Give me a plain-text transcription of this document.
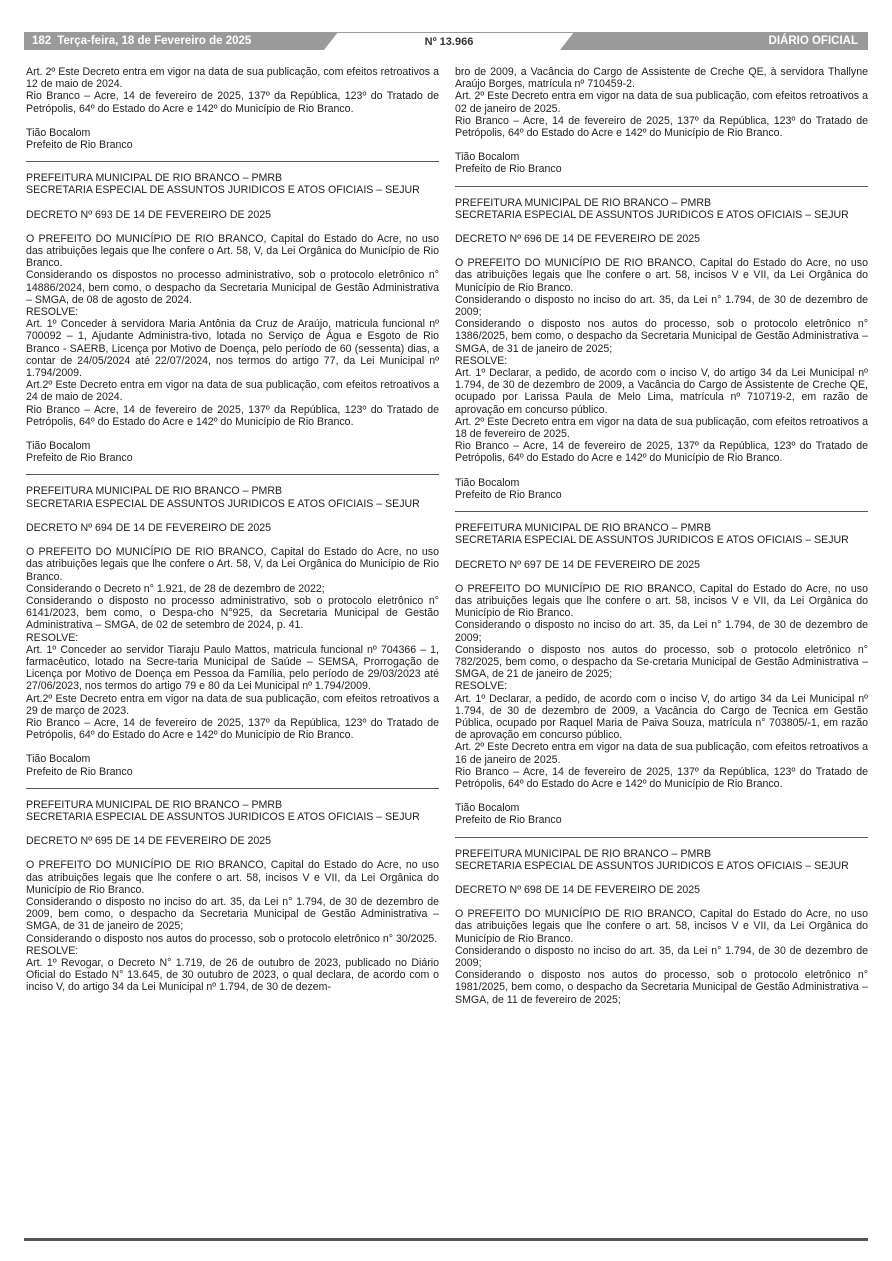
182 Terça-feira, 18 de Fevereiro de 2025	Nº 13.966	DIÁRIO OFICIAL

Art. 2º Este Decreto entra em vigor na data de sua publicação, com efeitos retroativos a 12 de maio de 2024.

Rio Branco – Acre, 14 de fevereiro de 2025, 137º da República, 123º do Tratado de Petrópolis, 64º do Estado do Acre e 142º do Município de Rio Branco.

Tião Bocalom

Prefeito de Rio Branco

PREFEITURA MUNICIPAL DE RIO BRANCO – PMRB

SECRETARIA ESPECIAL DE ASSUNTOS JURIDICOS E ATOS OFICIAIS – SEJUR

DECRETO Nº 693 DE 14 DE FEVEREIRO DE 2025

O PREFEITO DO MUNICÍPIO DE RIO BRANCO, Capital do Estado do Acre, no uso das atribuições legais que lhe confere o Art. 58, V, da Lei Orgânica do Município de Rio Branco.

Considerando os dispostos no processo administrativo, sob o protocolo eletrônico n° 14886/2024, bem como, o despacho da Secretaria Municipal de Gestão Administrativa – SMGA, de 08 de agosto de 2024.

RESOLVE:

Art. 1º Conceder à servidora Maria Antônia da Cruz de Araújo, matricula funcional nº 700092 – 1, Ajudante Administra-tivo, lotada no Serviço de Água e Esgoto de Rio Branco - SAERB, Licença por Motivo de Doença, pelo período de 60 (sessenta) dias, a contar de 24/05/2024 até 22/07/2024, nos termos do artigo 77, da Lei Municipal nº 1.794/2009.

Art.2º Este Decreto entra em vigor na data de sua publicação, com efeitos retroativos a 24 de maio de 2024.

Rio Branco – Acre, 14 de fevereiro de 2025, 137º da República, 123º do Tratado de Petrópolis, 64º do Estado do Acre e 142º do Município de Rio Branco.

Tião Bocalom

Prefeito de Rio Branco

PREFEITURA MUNICIPAL DE RIO BRANCO – PMRB

SECRETARIA ESPECIAL DE ASSUNTOS JURIDICOS E ATOS OFICIAIS – SEJUR

DECRETO Nº 694 DE 14 DE FEVEREIRO DE 2025

O PREFEITO DO MUNICÍPIO DE RIO BRANCO, Capital do Estado do Acre, no uso das atribuições legais que lhe confere o Art. 58, V, da Lei Orgânica do Município de Rio Branco.

Considerando o Decreto n° 1.921, de 28 de dezembro de 2022;

Considerando o disposto no processo administrativo, sob o protocolo eletrônico n° 6141/2023, bem como, o Despa-cho N°925, da Secretaria Municipal de Gestão Administrativa – SMGA, de 02 de setembro de 2024, p. 41.

RESOLVE:

Art. 1º Conceder ao servidor Tiaraju Paulo Mattos, matricula funcional nº 704366 – 1, farmacêutico, lotado na Secre-taria Municipal de Saúde – SEMSA, Prorrogação de Licença por Motivo de Doença em Pessoa da Família, pelo período de 29/03/2023 até 27/06/2023, nos termos do artigo 79 e 80 da Lei Municipal nº 1.794/2009.

Art.2º Este Decreto entra em vigor na data de sua publicação, com efeitos retroativos a 29 de março de 2023.

Rio Branco – Acre, 14 de fevereiro de 2025, 137º da República, 123º do Tratado de Petrópolis, 64º do Estado do Acre e 142º do Município de Rio Branco.

Tião Bocalom

Prefeito de Rio Branco

PREFEITURA MUNICIPAL DE RIO BRANCO – PMRB

SECRETARIA ESPECIAL DE ASSUNTOS JURIDICOS E ATOS OFICIAIS – SEJUR

DECRETO Nº 695 DE 14 DE FEVEREIRO DE 2025

O PREFEITO DO MUNICÍPIO DE RIO BRANCO, Capital do Estado do Acre, no uso das atribuições legais que lhe confere o art. 58, incisos V e VII, da Lei Orgânica do Município de Rio Branco.

Considerando o disposto no inciso do art. 35, da Lei n° 1.794, de 30 de dezembro de 2009, bem como, o despacho da Secretaria Municipal de Gestão Administrativa – SMGA, de 31 de janeiro de 2025;

Considerando o disposto nos autos do processo, sob o protocolo eletrônico n° 30/2025.

RESOLVE:

Art. 1º Revogar, o Decreto N° 1.719, de 26 de outubro de 2023, publicado no Diário Oficial do Estado N° 13.645, de 30 outubro de 2023, o qual declara, de acordo com o inciso V, do artigo 34 da Lei Municipal nº 1.794, de 30 de dezem-

bro de 2009, a Vacância do Cargo de Assistente de Creche QE, à servidora Thallyne Araújo Borges, matrícula nº 710459-2.

Art. 2º Este Decreto entra em vigor na data de sua publicação, com efeitos retroativos a 02 de janeiro de 2025.

Rio Branco – Acre, 14 de fevereiro de 2025, 137º da República, 123º do Tratado de Petrópolis, 64º do Estado do Acre e 142º do Município de Rio Branco.

Tião Bocalom

Prefeito de Rio Branco

PREFEITURA MUNICIPAL DE RIO BRANCO – PMRB

SECRETARIA ESPECIAL DE ASSUNTOS JURIDICOS E ATOS OFICIAIS – SEJUR

DECRETO Nº 696 DE 14 DE FEVEREIRO DE 2025

O PREFEITO DO MUNICÍPIO DE RIO BRANCO, Capital do Estado do Acre, no uso das atribuições legais que lhe confere o art. 58, incisos V e VII, da Lei Orgânica do Município de Rio Branco.

Considerando o disposto no inciso do art. 35, da Lei n° 1.794, de 30 de dezembro de 2009;

Considerando o disposto nos autos do processo, sob o protocolo eletrônico n° 1386/2025, bem como, o despacho da Secretaria Municipal de Gestão Administrativa – SMGA, de 31 de janeiro de 2025;

RESOLVE:

Art. 1º Declarar, a pedido, de acordo com o inciso V, do artigo 34 da Lei Municipal nº 1.794, de 30 de dezembro de 2009, a Vacância do Cargo de Assistente de Creche QE, ocupado por Larissa Paula de Melo Lima, matrícula nº 710719-2, em razão de aprovação em concurso público.

Art. 2º Este Decreto entra em vigor na data de sua publicação, com efeitos retroativos a 18 de fevereiro de 2025.

Rio Branco – Acre, 14 de fevereiro de 2025, 137º da República, 123º do Tratado de Petrópolis, 64º do Estado do Acre e 142º do Município de Rio Branco.

Tião Bocalom

Prefeito de Rio Branco

PREFEITURA MUNICIPAL DE RIO BRANCO – PMRB

SECRETARIA ESPECIAL DE ASSUNTOS JURIDICOS E ATOS OFICIAIS – SEJUR

DECRETO Nº 697 DE 14 DE FEVEREIRO DE 2025

O PREFEITO DO MUNICÍPIO DE RIO BRANCO, Capital do Estado do Acre, no uso das atribuições legais que lhe confere o art. 58, incisos V e VII, da Lei Orgânica do Município de Rio Branco.

Considerando o disposto no inciso do art. 35, da Lei n° 1.794, de 30 de dezembro de 2009;

Considerando o disposto nos autos do processo, sob o protocolo eletrônico n° 782/2025, bem como, o despacho da Se-cretaria Municipal de Gestão Administrativa – SMGA, de 21 de janeiro de 2025;

RESOLVE:

Art. 1º Declarar, a pedido, de acordo com o inciso V, do artigo 34 da Lei Municipal nº 1.794, de 30 de dezembro de 2009, a Vacância do Cargo de Tecnica em Gestão Pública, ocupado por Raquel Maria de Paiva Souza, matrícula n° 703805/-1, em razão de aprovação em concurso público.

Art. 2º Este Decreto entra em vigor na data de sua publicação, com efeitos retroativos a 16 de janeiro de 2025.

Rio Branco – Acre, 14 de fevereiro de 2025, 137º da República, 123º do Tratado de Petrópolis, 64º do Estado do Acre e 142º do Município de Rio Branco.

Tião Bocalom

Prefeito de Rio Branco

PREFEITURA MUNICIPAL DE RIO BRANCO – PMRB

SECRETARIA ESPECIAL DE ASSUNTOS JURIDICOS E ATOS OFICIAIS – SEJUR

DECRETO Nº 698 DE 14 DE FEVEREIRO DE 2025

O PREFEITO DO MUNICÍPIO DE RIO BRANCO, Capital do Estado do Acre, no uso das atribuições legais que lhe confere o art. 58, incisos V e VII, da Lei Orgânica do Município de Rio Branco.

Considerando o disposto no inciso do art. 35, da Lei n° 1.794, de 30 de dezembro de 2009;

Considerando o disposto nos autos do processo, sob o protocolo eletrônico n° 1981/2025, bem como, o despacho da Secretaria Municipal de Gestão Administrativa – SMGA, de 11 de fevereiro de 2025;
